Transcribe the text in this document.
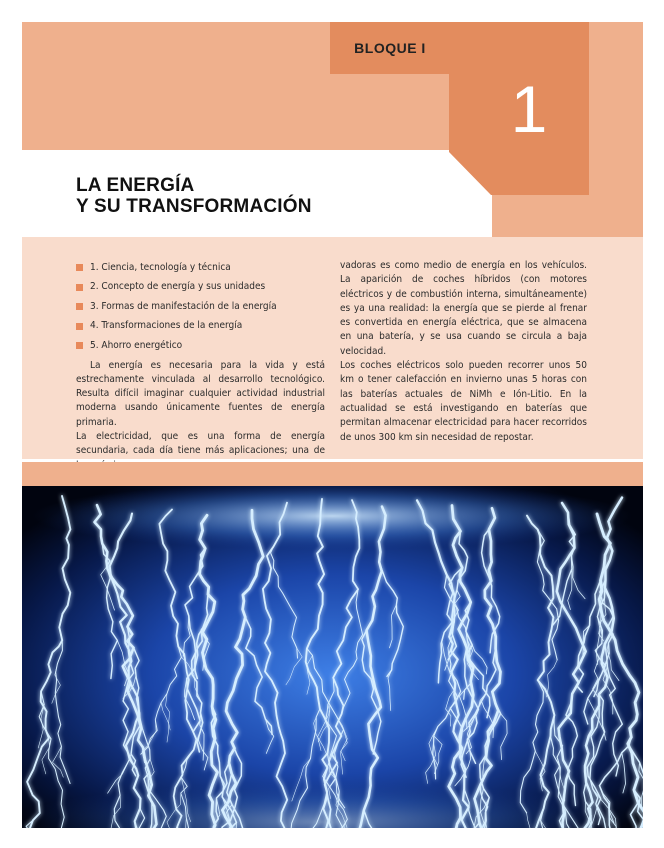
BLOQUE I
1
LA ENERGÍA
Y SU TRANSFORMACIÓN
1. Ciencia, tecnología y técnica
2. Concepto de energía y sus unidades
3. Formas de manifestación de la energía
4. Transformaciones de la energía
5. Ahorro energético

La energía es necesaria para la vida y está estrechamente vinculada al desarrollo tecnológico. Resulta difícil imaginar cualquier actividad industrial moderna usando únicamente fuentes de energía primaria.

La electricidad, que es una forma de energía secundaria, cada día tiene más aplicaciones; una de

vadoras es como medio de energía en los vehículos. La aparición de coches híbridos (con motores eléctricos y de combustión interna, simultáneamente) es ya una realidad: la energía que se pierde al frenar es convertida en energía eléctrica, que se almacena en una batería, y se usa cuando se circula a baja velocidad.

Los coches eléctricos solo pueden recorrer unos 50 km o tener calefacción en invierno unas 5 horas con las baterías actuales de NiMh e Ión-Litio. En la actualidad se está investigando en baterías que permitan almacenar electricidad para hacer recorridos de unos 300 km sin necesidad de repostar.
